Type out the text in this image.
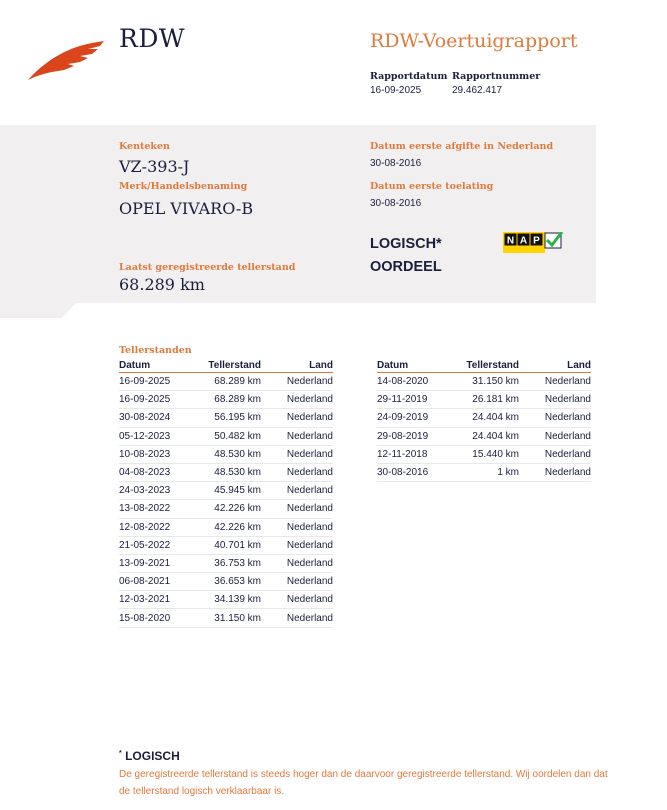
RDW	RDW-Voertuigrapport
Rapportdatum
16-09-2025
Rapportnummer
29.462.417
Kenteken
VZ-393-J
Merk/Handelsbenaming
OPEL VIVARO-B
Laatst geregistreerde tellerstand
68.289 km
Datum eerste afgifte in Nederland
30-08-2016
Datum eerste toelating
30-08-2016
LOGISCH*
OORDEEL
N A P
Tellerstanden
Datum	Tellerstand	Land
16-09-2025	68.289 km	Nederland
16-09-2025	68.289 km	Nederland
30-08-2024	56.195 km	Nederland
05-12-2023	50.482 km	Nederland
10-08-2023	48.530 km	Nederland
04-08-2023	48.530 km	Nederland
24-03-2023	45.945 km	Nederland
13-08-2022	42.226 km	Nederland
12-08-2022	42.226 km	Nederland
21-05-2022	40.701 km	Nederland
13-09-2021	36.753 km	Nederland
06-08-2021	36.653 km	Nederland
12-03-2021	34.139 km	Nederland
15-08-2020	31.150 km	Nederland
Datum	Tellerstand	Land
14-08-2020	31.150 km	Nederland
29-11-2019	26.181 km	Nederland
24-09-2019	24.404 km	Nederland
29-08-2019	24.404 km	Nederland
12-11-2018	15.440 km	Nederland
30-08-2016	1 km	Nederland
* LOGISCH
De geregistreerde tellerstand is steeds hoger dan de daarvoor geregistreerde tellerstand. Wij oordelen dan dat de tellerstand logisch verklaarbaar is.
